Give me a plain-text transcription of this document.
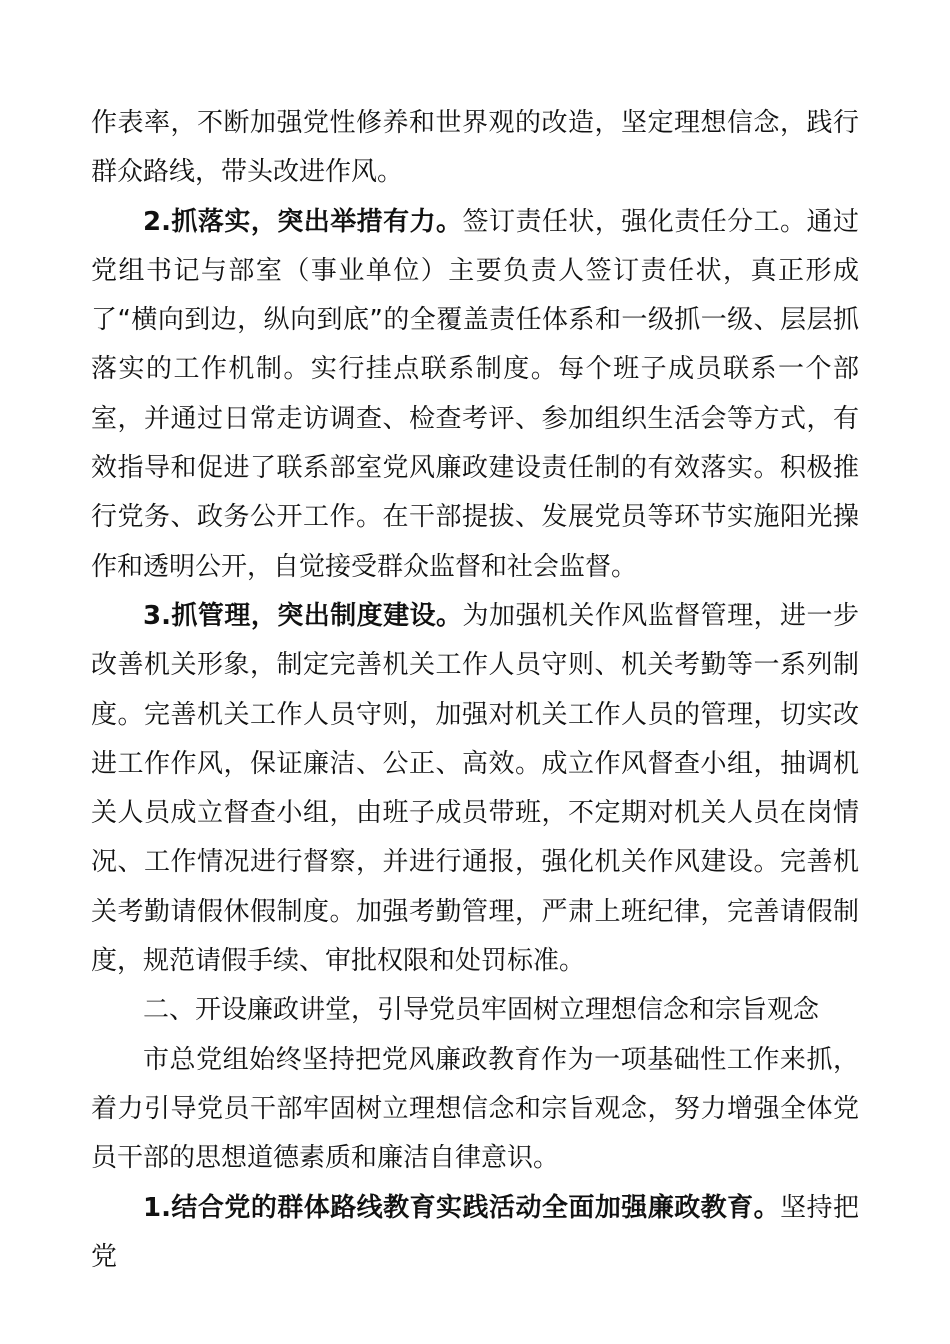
作表率，不断加强党性修养和世界观的改造，坚定理想信念，践行群众路线，带头改进作风。

2.抓落实，突出举措有力。签订责任状，强化责任分工。通过党组书记与部室（事业单位）主要负责人签订责任状，真正形成了“横向到边，纵向到底”的全覆盖责任体系和一级抓一级、层层抓落实的工作机制。实行挂点联系制度。每个班子成员联系一个部室，并通过日常走访调查、检查考评、参加组织生活会等方式，有效指导和促进了联系部室党风廉政建设责任制的有效落实。积极推行党务、政务公开工作。在干部提拔、发展党员等环节实施阳光操作和透明公开，自觉接受群众监督和社会监督。

3.抓管理，突出制度建设。为加强机关作风监督管理，进一步改善机关形象，制定完善机关工作人员守则、机关考勤等一系列制度。完善机关工作人员守则，加强对机关工作人员的管理，切实改进工作作风，保证廉洁、公正、高效。成立作风督查小组，抽调机关人员成立督查小组，由班子成员带班，不定期对机关人员在岗情况、工作情况进行督察，并进行通报，强化机关作风建设。完善机关考勤请假休假制度。加强考勤管理，严肃上班纪律，完善请假制度，规范请假手续、审批权限和处罚标准。

二、开设廉政讲堂，引导党员牢固树立理想信念和宗旨观念

市总党组始终坚持把党风廉政教育作为一项基础性工作来抓，着力引导党员干部牢固树立理想信念和宗旨观念，努力增强全体党员干部的思想道德素质和廉洁自律意识。

1.结合党的群体路线教育实践活动全面加强廉政教育。坚持把党
